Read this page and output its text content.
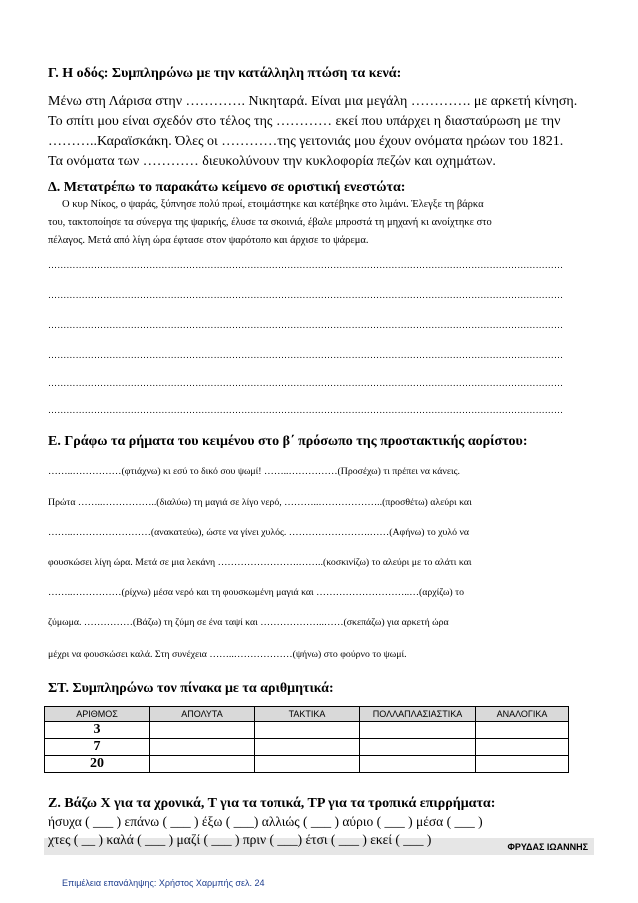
Γ. Η οδός: Συμπληρώνω με την κατάλληλη πτώση τα κενά:
Μένω στη Λάρισα στην …………. Νικηταρά. Είναι μια μεγάλη …………. με αρκετή κίνηση.
Το σπίτι μου είναι σχεδόν στο τέλος της ………… εκεί που υπάρχει η διασταύρωση με την
………..Καραϊσκάκη. Όλες οι …………της γειτονιάς μου έχουν ονόματα ηρώων του 1821.
Τα ονόματα των ………… διευκολύνουν την κυκλοφορία πεζών και οχημάτων.
Δ. Μετατρέπω το παρακάτω κείμενο σε οριστική ενεστώτα:
Ο κυρ Νίκος, ο ψαράς, ξύπνησε πολύ πρωί, ετοιμάστηκε και κατέβηκε στο λιμάνι. Έλεγξε τη βάρκα
του, τακτοποίησε τα σύνεργα της ψαρικής, έλυσε τα σκοινιά, έβαλε μπροστά τη μηχανή κι ανοίχτηκε στο
πέλαγος. Μετά από λίγη ώρα έφτασε στον ψαρότοπο και άρχισε το ψάρεμα.
……………………………………………………………………………………………………………………………………………………
……………………………………………………………………………………………………………………………………………………
……………………………………………………………………………………………………………………………………………………
……………………………………………………………………………………………………………………………………………………
……………………………………………………………………………………………………………………………………………………
……………………………………………………………………………………………………………………………………………………
Ε. Γράφω τα ρήματα του κειμένου στο β΄ πρόσωπο της προστακτικής αορίστου:
……..……………(φτιάχνω) κι εσύ το δικό σου ψωμί! ……..……………(Προσέχω) τι πρέπει να κάνεις.
Πρώτα ……..……………..(διαλύω) τη μαγιά σε λίγο νερό, ………..………………..(προσθέτω) αλεύρι και
……..……………………(ανακατεύω), ώστε να γίνει χυλός. …………………….……(Αφήνω) το χυλό να
φουσκώσει λίγη ώρα. Μετά σε μια λεκάνη …………………….……..(κοσκινίζω) το αλεύρι με το αλάτι και
……..……………(ρίχνω) μέσα νερό και τη φουσκωμένη μαγιά και ………………………..…(αρχίζω) το
ζύμωμα. ……………(Βάζω) τη ζύμη σε ένα ταψί και ………………..……(σκεπάζω) για αρκετή ώρα
μέχρι να φουσκώσει καλά. Στη συνέχεια ……..………………(ψήνω) στο φούρνο το ψωμί.
ΣΤ. Συμπληρώνω τον πίνακα με τα αριθμητικά:
ΑΡΙΘΜΟΣ	ΑΠΟΛΥΤΑ	ΤΑΚΤΙΚΑ	ΠΟΛΛΑΠΛΑΣΙΑΣΤΙΚΑ	ΑΝΑΛΟΓΙΚΑ
3				
7				
20				
Ζ. Βάζω Χ για τα χρονικά, Τ για τα τοπικά, ΤΡ για τα τροπικά επιρρήματα:
ήσυχα ( ___ ) επάνω ( ___ ) έξω ( ___) αλλιώς ( ___ ) αύριο ( ___ ) μέσα ( ___ )
χτες ( __ ) καλά ( ___ ) μαζί ( ___ ) πριν ( ___) έτσι ( ___ ) εκεί ( ___ )	ΦΡΥΔΑΣ ΙΩΑΝΝΗΣ
Επιμέλεια επανάληψης: Χρήστος Χαρμπής σελ. 24
